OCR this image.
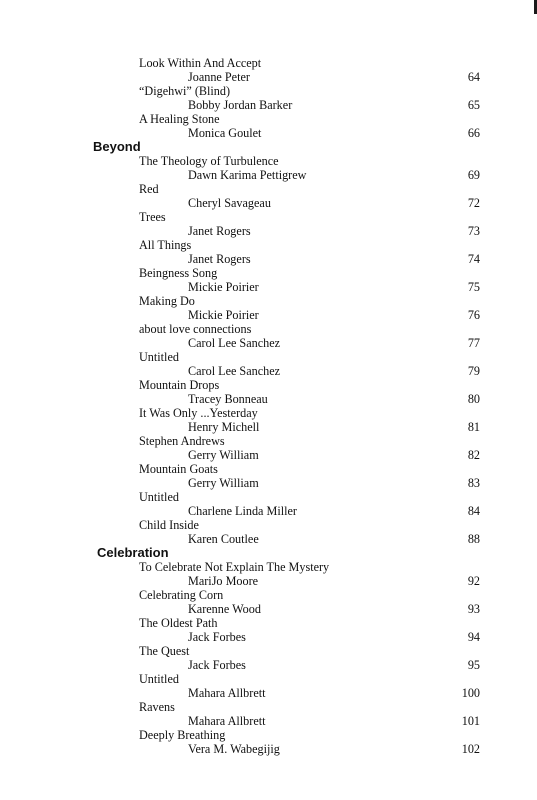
Look Within And Accept
Joanne Peter	64
“Digehwi” (Blind)
Bobby Jordan Barker	65
A Healing Stone
Monica Goulet	66
Beyond
The Theology of Turbulence
Dawn Karima Pettigrew	69
Red
Cheryl Savageau	72
Trees
Janet Rogers	73
All Things
Janet Rogers	74
Beingness Song
Mickie Poirier	75
Making Do
Mickie Poirier	76
about love connections
Carol Lee Sanchez	77
Untitled
Carol Lee Sanchez	79
Mountain Drops
Tracey Bonneau	80
It Was Only ...Yesterday
Henry Michell	81
Stephen Andrews
Gerry William	82
Mountain Goats
Gerry William	83
Untitled
Charlene Linda Miller	84
Child Inside
Karen Coutlee	88
Celebration
To Celebrate Not Explain The Mystery
MariJo Moore	92
Celebrating Corn
Karenne Wood	93
The Oldest Path
Jack Forbes	94
The Quest
Jack Forbes	95
Untitled
Mahara Allbrett	100
Ravens
Mahara Allbrett	101
Deeply Breathing
Vera M. Wabegijig	102
